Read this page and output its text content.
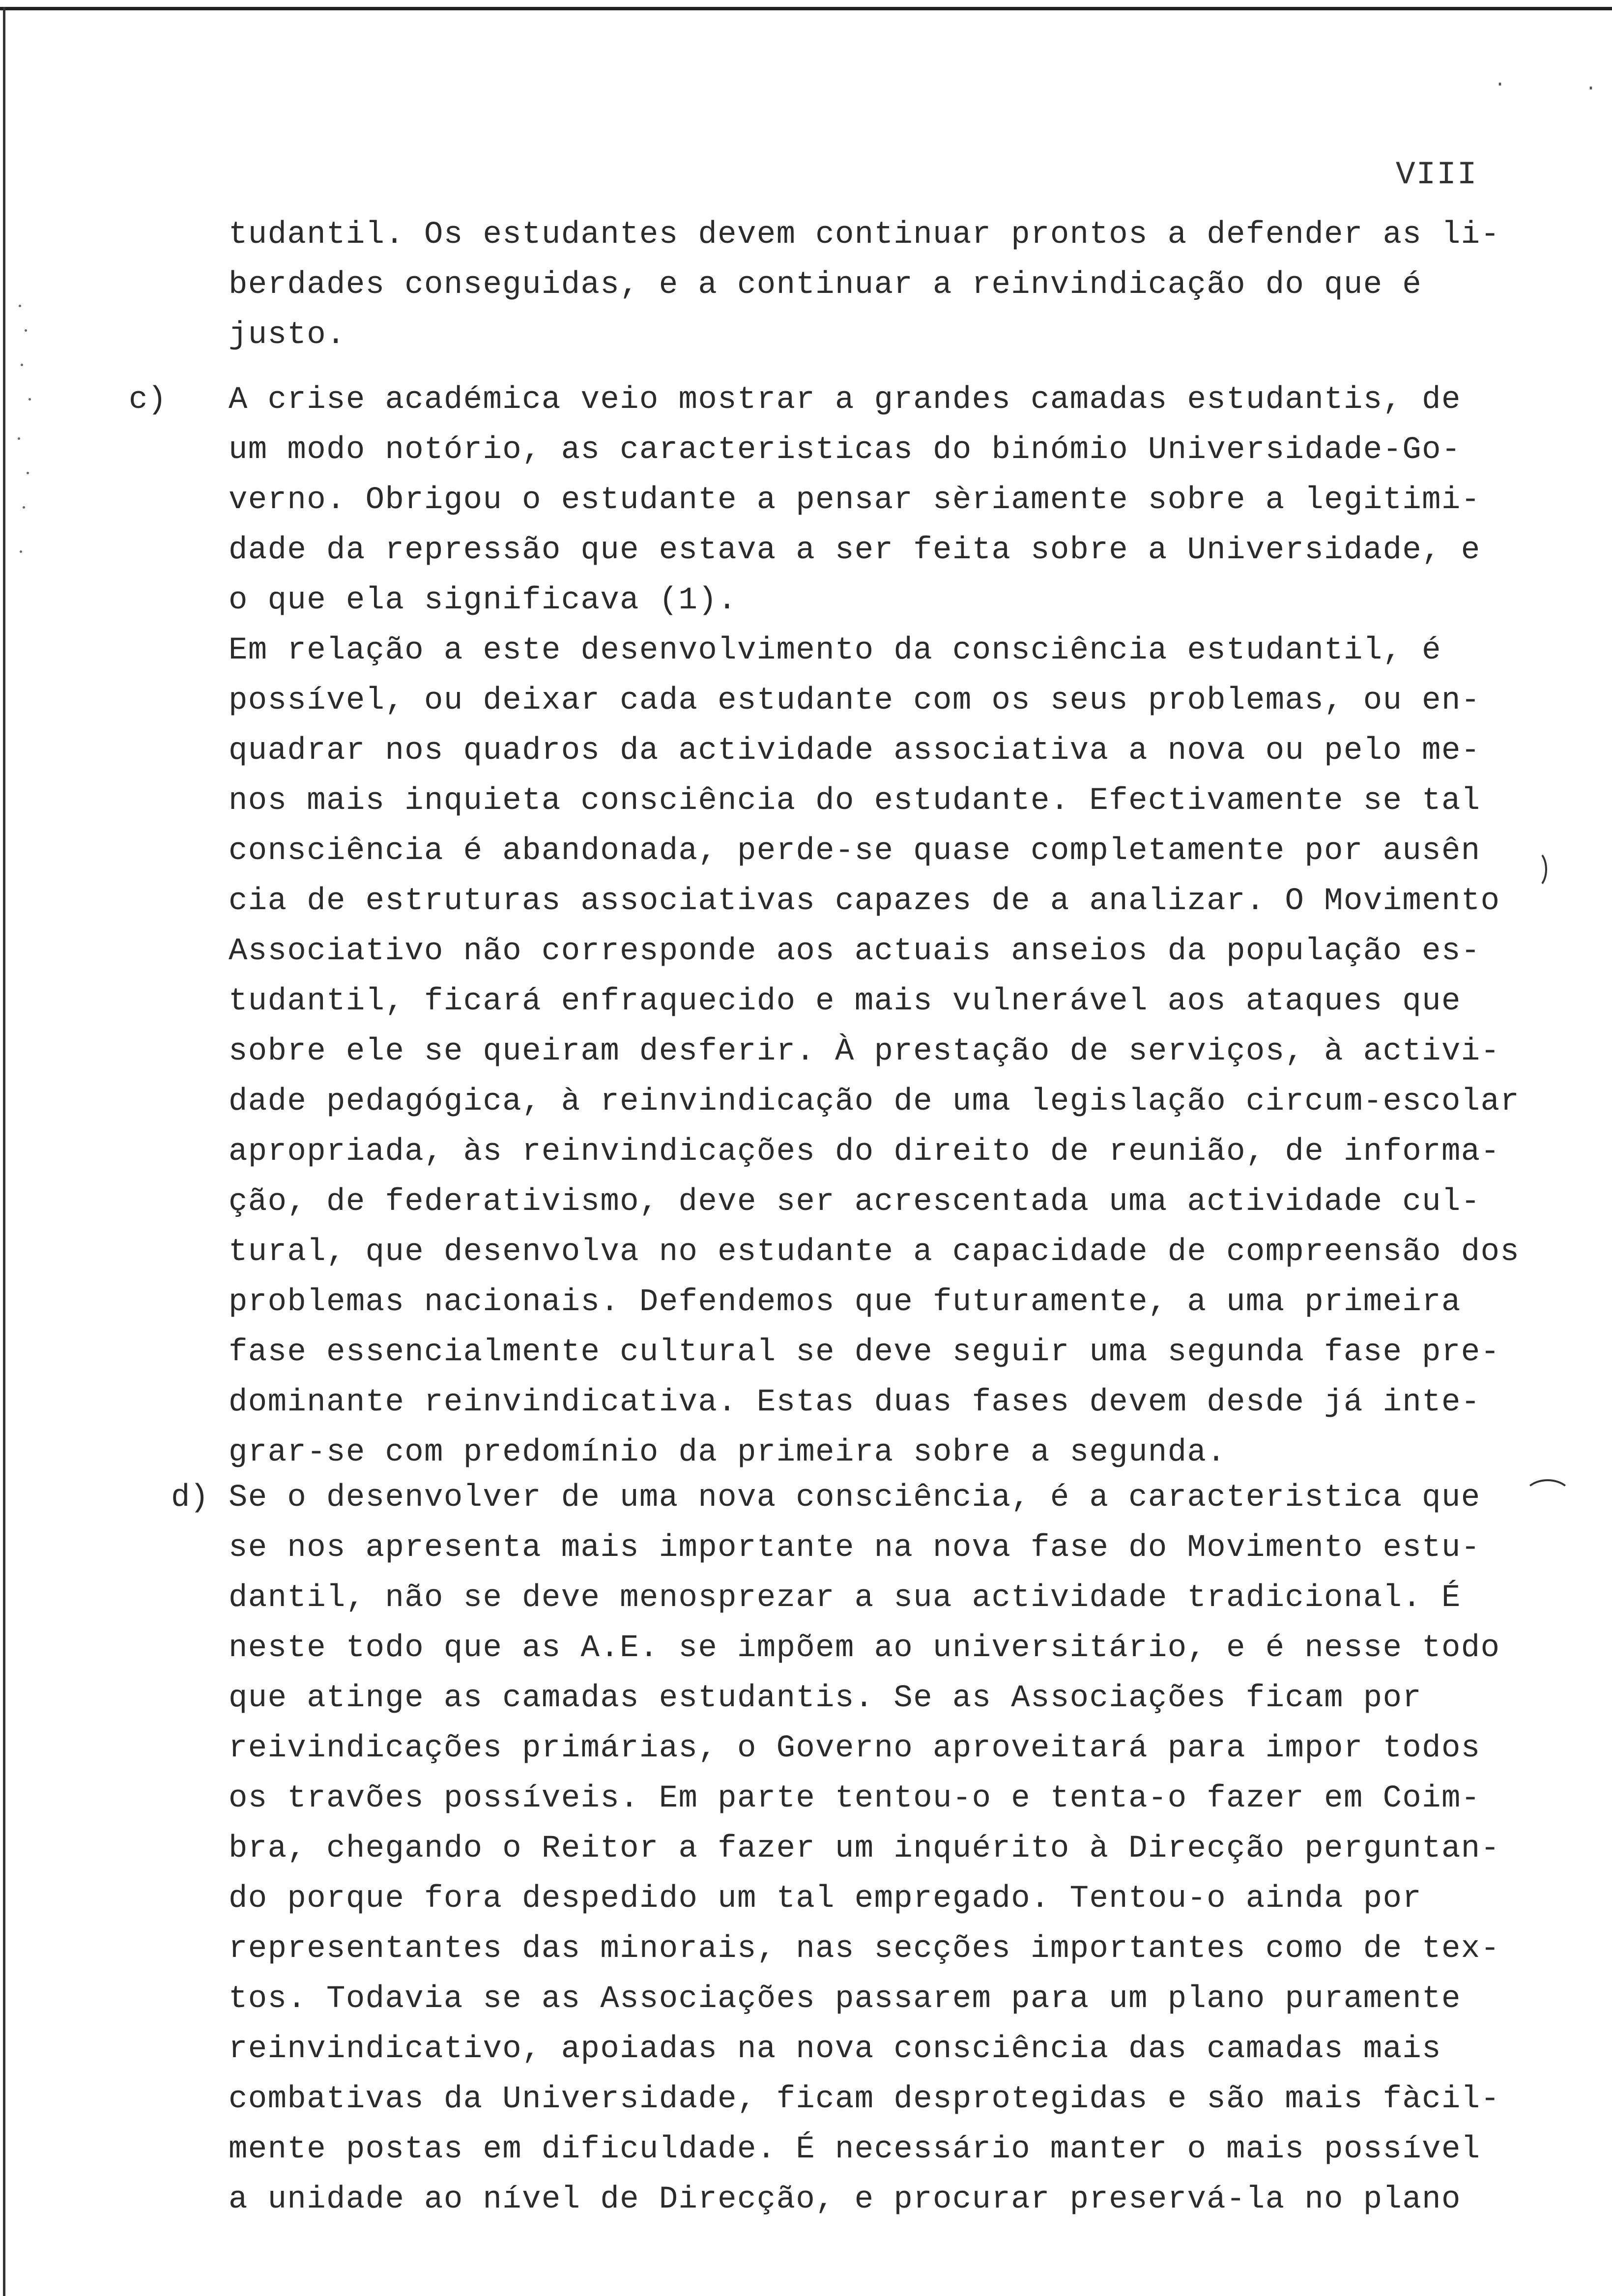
·	·
VIII
c)
d)
tudantil. Os estudantes devem continuar prontos a defender as li-
berdades conseguidas, e a continuar a reinvindicação do que é
justo.
A crise académica veio mostrar a grandes camadas estudantis, de
um modo notório, as caracteristicas do binómio Universidade-Go-
verno. Obrigou o estudante a pensar sèriamente sobre a legitimi-
dade da repressão que estava a ser feita sobre a Universidade, e
o que ela significava (1).
Em relação a este desenvolvimento da consciência estudantil, é
possível, ou deixar cada estudante com os seus problemas, ou en-
quadrar nos quadros da actividade associativa a nova ou pelo me-
nos mais inquieta consciência do estudante. Efectivamente se tal
consciência é abandonada, perde-se quase completamente por ausên
cia de estruturas associativas capazes de a analizar. O Movimento
Associativo não corresponde aos actuais anseios da população es-
tudantil, ficará enfraquecido e mais vulnerável aos ataques que
sobre ele se queiram desferir. À prestação de serviços, à activi-
dade pedagógica, à reinvindicação de uma legislação circum-escolar
apropriada, às reinvindicações do direito de reunião, de informa-
ção, de federativismo, deve ser acrescentada uma actividade cul-
tural, que desenvolva no estudante a capacidade de compreensão dos
problemas nacionais. Defendemos que futuramente, a uma primeira
fase essencialmente cultural se deve seguir uma segunda fase pre-
dominante reinvindicativa. Estas duas fases devem desde já inte-
grar-se com predomínio da primeira sobre a segunda.
Se o desenvolver de uma nova consciência, é a caracteristica que
se nos apresenta mais importante na nova fase do Movimento estu-
dantil, não se deve menosprezar a sua actividade tradicional. É
neste todo que as A.E. se impõem ao universitário, e é nesse todo
que atinge as camadas estudantis. Se as Associações ficam por
reivindicações primárias, o Governo aproveitará para impor todos
os travões possíveis. Em parte tentou-o e tenta-o fazer em Coim-
bra, chegando o Reitor a fazer um inquérito à Direcção perguntan-
do porque fora despedido um tal empregado. Tentou-o ainda por
representantes das minorais, nas secções importantes como de tex-
tos. Todavia se as Associações passarem para um plano puramente
reinvindicativo, apoiadas na nova consciência das camadas mais
combativas da Universidade, ficam desprotegidas e são mais fàcil-
mente postas em dificuldade. É necessário manter o mais possível
a unidade ao nível de Direcção, e procurar preservá-la no plano
